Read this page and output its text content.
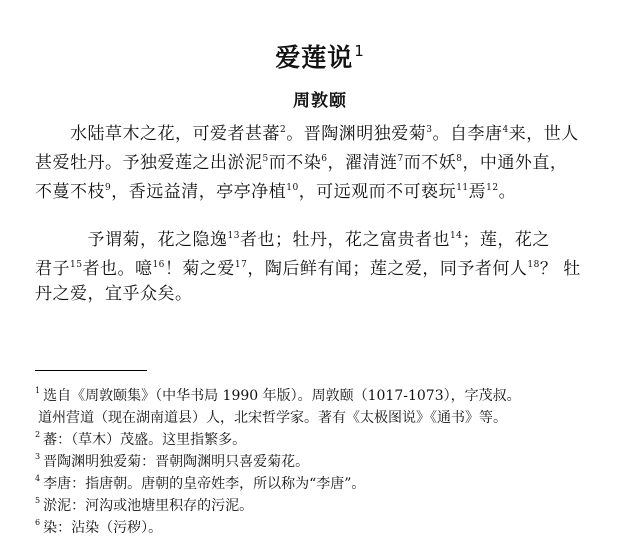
爱莲说$^1$
周敦颐
　　水陆草木之花，可爱者甚蕃$^2$。晋陶渊明独爱菊$^3$。自李唐$^4$来，世人
甚爱牡丹。予独爱莲之出淤泥$^5$而不染$^6$，濯清涟$^7$而不妖$^8$，中通外直，
不蔓不枝$^9$，香远益清，亭亭净植$^{10}$，可远观而不可亵玩$^{11}$焉$^{12}$。
　　　予谓菊，花之隐逸$^{13}$者也；牡丹，花之富贵者也$^{14}$；莲，花之
君子$^{15}$者也。噫$^{16}$！菊之爱$^{17}$，陶后鲜有闻；莲之爱，同予者何人$^{18}$？ 牡
丹之爱，宜乎众矣。
$^1$ 选自《周敦颐集》（中华书局 1990 年版）。周敦颐（1017-1073），字茂叔。
道州营道（现在湖南道县）人，北宋哲学家。著有《太极图说》《通书》等。
$^2$ 蕃：（草木）茂盛。这里指繁多。
$^3$ 晋陶渊明独爱菊：晋朝陶渊明只喜爱菊花。
$^4$ 李唐：指唐朝。唐朝的皇帝姓李，所以称为“李唐”。
$^5$ 淤泥：河沟或池塘里积存的污泥。
$^6$ 染：沾染（污秽）。
